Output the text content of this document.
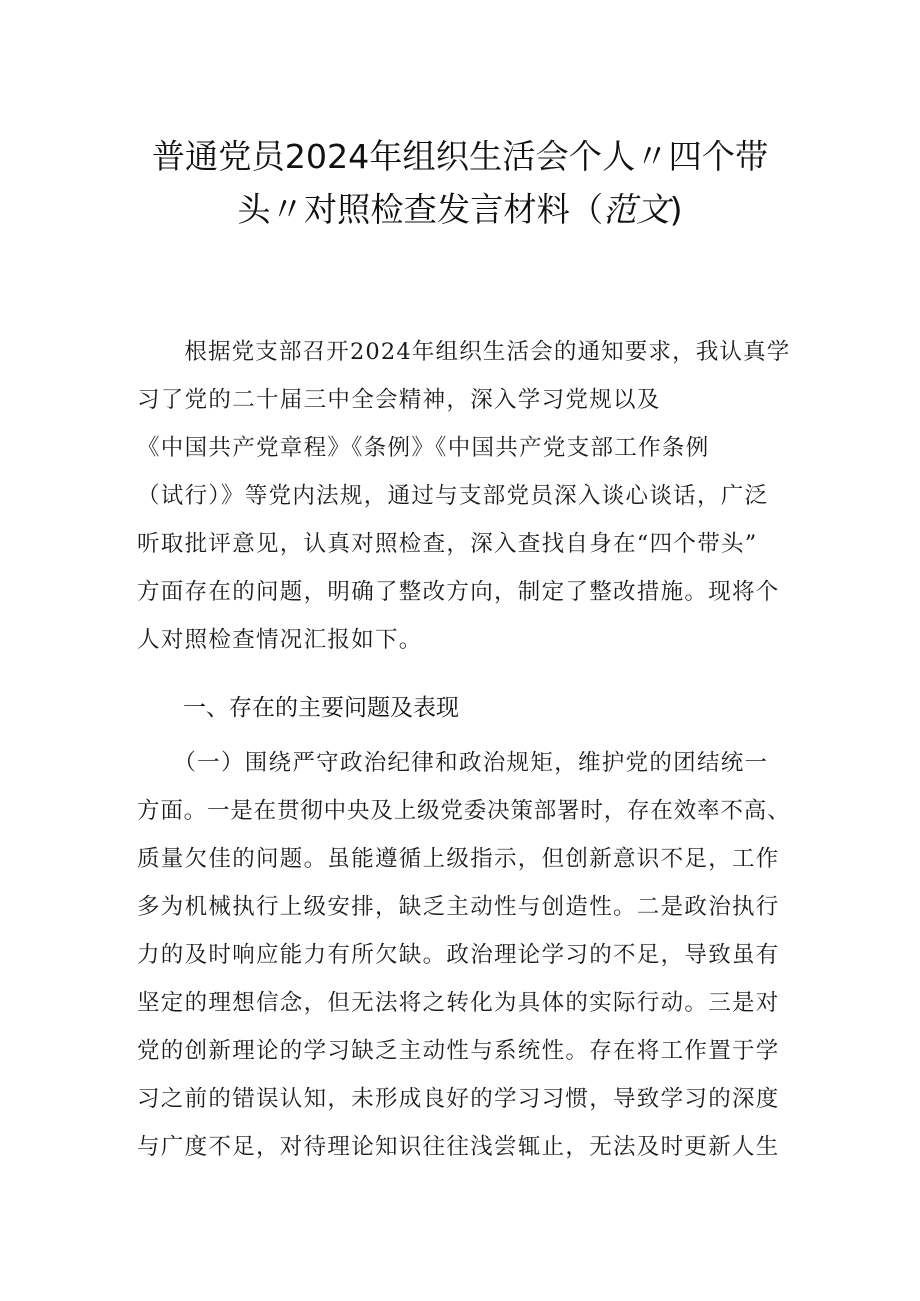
普通党员2024年组织生活会个人〃四个带
头〃对照检查发言材料（范文)
　　根据党支部召开2024年组织生活会的通知要求，我认真学
习了党的二十届三中全会精神，深入学习党规以及
《中国共产党章程》《条例》《中国共产党支部工作条例
（试行）》等党内法规，通过与支部党员深入谈心谈话，广泛
听取批评意见，认真对照检查，深入查找自身在“四个带头”
方面存在的问题，明确了整改方向，制定了整改措施。现将个
人对照检查情况汇报如下。
一、存在的主要问题及表现
　　（一）围绕严守政治纪律和政治规矩，维护党的团结统一
方面。一是在贯彻中央及上级党委决策部署时，存在效率不高、
质量欠佳的问题。虽能遵循上级指示，但创新意识不足，工作
多为机械执行上级安排，缺乏主动性与创造性。二是政治执行
力的及时响应能力有所欠缺。政治理论学习的不足，导致虽有
坚定的理想信念，但无法将之转化为具体的实际行动。三是对
党的创新理论的学习缺乏主动性与系统性。存在将工作置于学
习之前的错误认知，未形成良好的学习习惯，导致学习的深度
与广度不足，对待理论知识往往浅尝辄止，无法及时更新人生
